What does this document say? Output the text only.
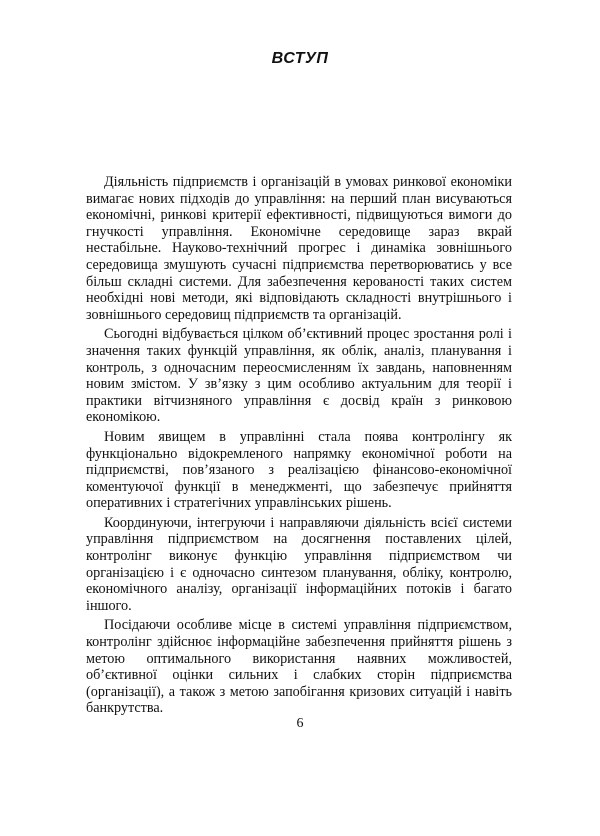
ВСТУП

Діяльність підприємств і організацій в умовах ринкової економіки вимагає нових підходів до управління: на перший план висуваються економічні, ринкові критерії ефективності, підвищуються вимоги до гнучкості управління. Економічне середовище зараз вкрай нестабільне. Науково-технічний прогрес і динаміка зовнішнього середовища змушують сучасні підприємства перетворюватись у все більш складні системи. Для забезпечення керованості таких систем необхідні нові методи, які відповідають складності внутрішнього і зовнішнього середовищ підприємств та організацій.

Сьогодні відбувається цілком об’єктивний процес зростання ролі і значення таких функцій управління, як облік, аналіз, планування і контроль, з одночасним переосмисленням їх завдань, наповненням новим змістом. У зв’язку з цим особливо актуальним для теорії і практики вітчизняного управління є досвід країн з ринковою економікою.

Новим явищем в управлінні стала поява контролінгу як функціонально відокремленого напрямку економічної роботи на підприємстві, пов’язаного з реалізацією фінансово-економічної коментуючої функції в менеджменті, що забезпечує прийняття оперативних і стратегічних управлінських рішень.

Координуючи, інтегруючи і направляючи діяльність всієї системи управління підприємством на досягнення поставлених цілей, контролінг виконує функцію управління підприємством чи організацією і є одночасно синтезом планування, обліку, контролю, економічного аналізу, організації інформаційних потоків і багато іншого.

Посідаючи особливе місце в системі управління підприємством, контролінг здійснює інформаційне забезпечення прийняття рішень з метою оптимального використання наявних можливостей, об’єктивної оцінки сильних і слабких сторін підприємства (організації), а також з метою запобігання кризових ситуацій і навіть банкрутства.

6
